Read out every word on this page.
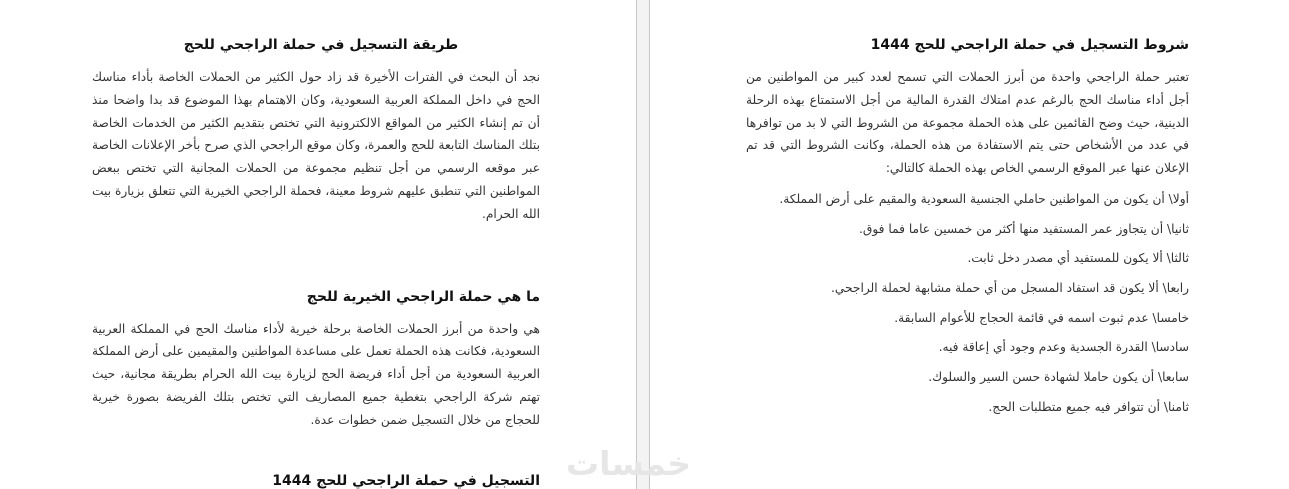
طريقة التسجيل في حملة الراجحي للحج

نجد أن البحث في الفترات الأخيرة قد زاد حول الكثير من الحملات الخاصة بأداء مناسك الحج في داخل المملكة العربية السعودية، وكان الاهتمام بهذا الموضوع قد بدا واضحا منذ أن تم إنشاء الكثير من المواقع الالكترونية التي تختص بتقديم الكثير من الخدمات الخاصة بتلك المناسك التابعة للحج والعمرة، وكان موقع الراجحي الذي صرح بأخر الإعلانات الخاصة عبر موقعه الرسمي من أجل تنظيم مجموعة من الحملات المجانية التي تختص ببعض المواطنين التي تنطبق عليهم شروط معينة، فحملة الراجحي الخيرية التي تتعلق بزيارة بيت الله الحرام.

ما هي حملة الراجحي الخيرية للحج

هي واحدة من أبرز الحملات الخاصة برحلة خيرية لأداء مناسك الحج في المملكة العربية السعودية، فكانت هذه الحملة تعمل على مساعدة المواطنين والمقيمين على أرض المملكة العربية السعودية من أجل أداء فريضة الحج لزيارة بيت الله الحرام بطريقة مجانية، حيث تهتم شركة الراجحي بتغطية جميع المصاريف التي تختص بتلك الفريضة بصورة خيرية للحجاج من خلال التسجيل ضمن خطوات عدة.

التسجيل في حملة الراجحي للحج 1444
شروط التسجيل في حملة الراجحي للحج 1444

تعتبر حملة الراجحي واحدة من أبرز الحملات التي تسمح لعدد كبير من المواطنين من أجل أداء مناسك الحج بالرغم عدم امتلاك القدرة المالية من أجل الاستمتاع بهذه الرحلة الدينية، حيث وضح القائمين على هذه الحملة مجموعة من الشروط التي لا بد من توافرها في عدد من الأشخاص حتى يتم الاستفادة من هذه الحملة، وكانت الشروط التي قد تم الإعلان عنها عبر الموقع الرسمي الخاص بهذه الحملة كالتالي:

أولا\ أن يكون من المواطنين حاملي الجنسية السعودية والمقيم على أرض المملكة.
ثانيا\ أن يتجاوز عمر المستفيد منها أكثر من خمسين عاما فما فوق.
ثالثا\ ألا يكون للمستفيد أي مصدر دخل ثابت.
رابعا\ ألا يكون قد استفاد المسجل من أي حملة مشابهة لحملة الراجحي.
خامسا\ عدم ثبوت اسمه في قائمة الحجاج للأعوام السابقة.
سادسا\ القدرة الجسدية وعدم وجود أي إعاقة فيه.
سابعا\ أن يكون حاملا لشهادة حسن السير والسلوك.
ثامنا\ أن تتوافر فيه جميع متطلبات الحج.
خمسات
